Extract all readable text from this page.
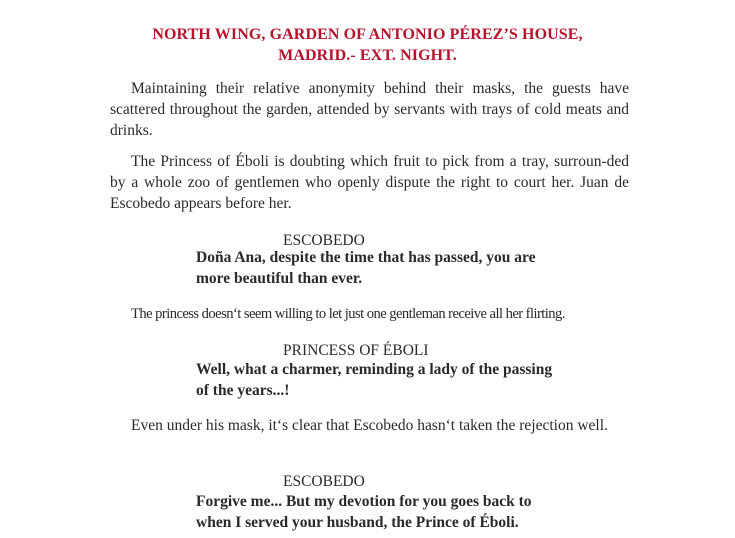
NORTH WING, GARDEN OF ANTONIO PÉREZ’S HOUSE,
MADRID.- EXT. NIGHT.

Maintaining their relative anonymity behind their masks, the guests have scattered throughout the garden, attended by servants with trays of cold meats and drinks.

The Princess of Éboli is doubting which fruit to pick from a tray, surroun-ded by a whole zoo of gentlemen who openly dispute the right to court her. Juan de Escobedo appears before her.

ESCOBEDO
Doña Ana, despite the time that has passed, you are
more beautiful than ever.

The princess doesn‘t seem willing to let just one gentleman receive all her flirting.

PRINCESS OF ÉBOLI
Well, what a charmer, reminding a lady of the passing
of the years...!

Even under his mask, it‘s clear that Escobedo hasn‘t taken the rejection well.

ESCOBEDO
Forgive me... But my devotion for you goes back to
when I served your husband, the Prince of Éboli.
